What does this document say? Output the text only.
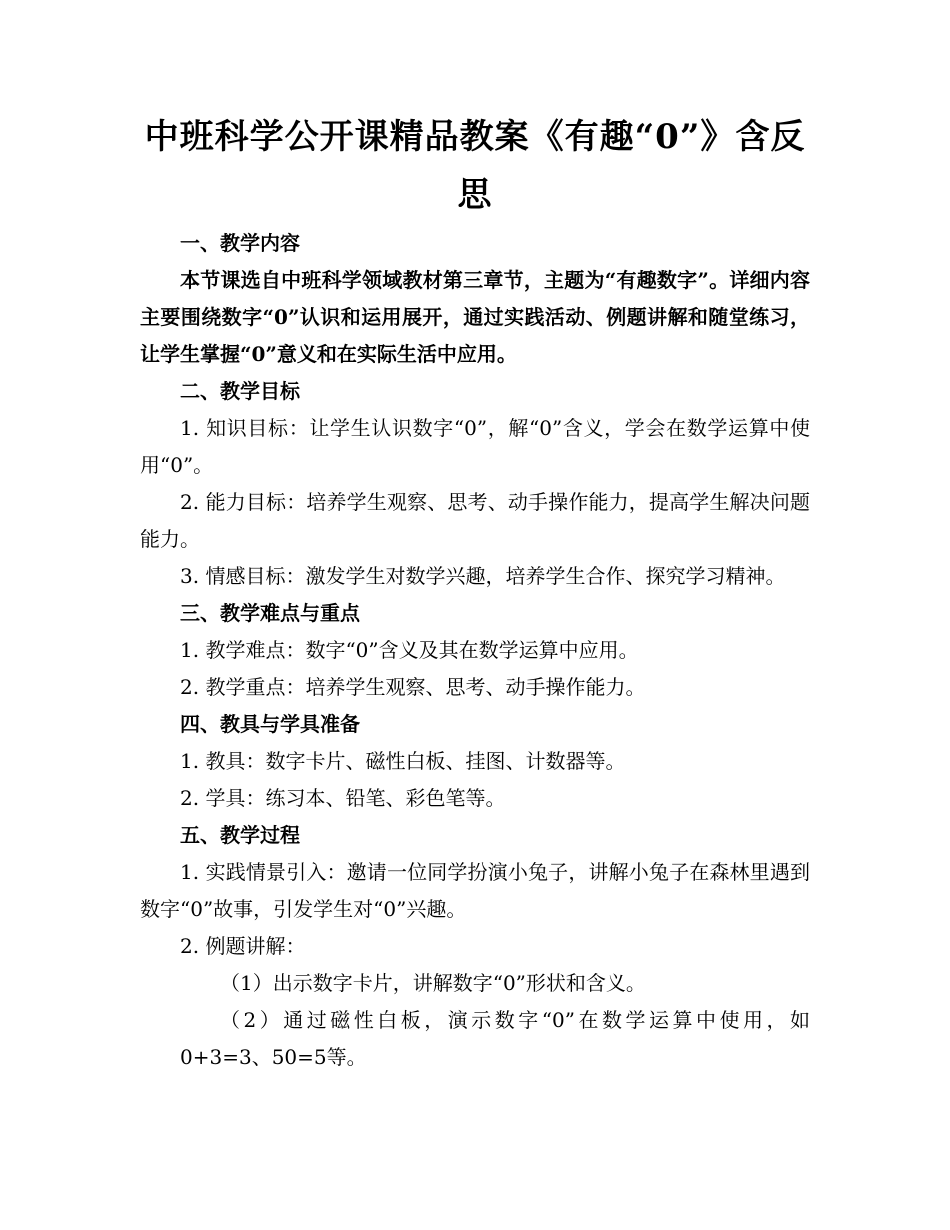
中班科学公开课精品教案《有趣“0”》含反思

一、教学内容

本节课选自中班科学领域教材第三章节，主题为“有趣数字”。详细内容主要围绕数字“0”认识和运用展开，通过实践活动、例题讲解和随堂练习，让学生掌握“0”意义和在实际生活中应用。

二、教学目标

1. 知识目标：让学生认识数字“0”，解“0”含义，学会在数学运算中使用“0”。

2. 能力目标：培养学生观察、思考、动手操作能力，提高学生解决问题能力。

3. 情感目标：激发学生对数学兴趣，培养学生合作、探究学习精神。

三、教学难点与重点

1. 教学难点：数字“0”含义及其在数学运算中应用。

2. 教学重点：培养学生观察、思考、动手操作能力。

四、教具与学具准备

1. 教具：数字卡片、磁性白板、挂图、计数器等。

2. 学具：练习本、铅笔、彩色笔等。

五、教学过程

1. 实践情景引入：邀请一位同学扮演小兔子，讲解小兔子在森林里遇到数字“0”故事，引发学生对“0”兴趣。

2. 例题讲解：

（1）出示数字卡片，讲解数字“0”形状和含义。

（2）通过磁性白板，演示数字“0”在数学运算中使用，如0+3=3、50=5等。
